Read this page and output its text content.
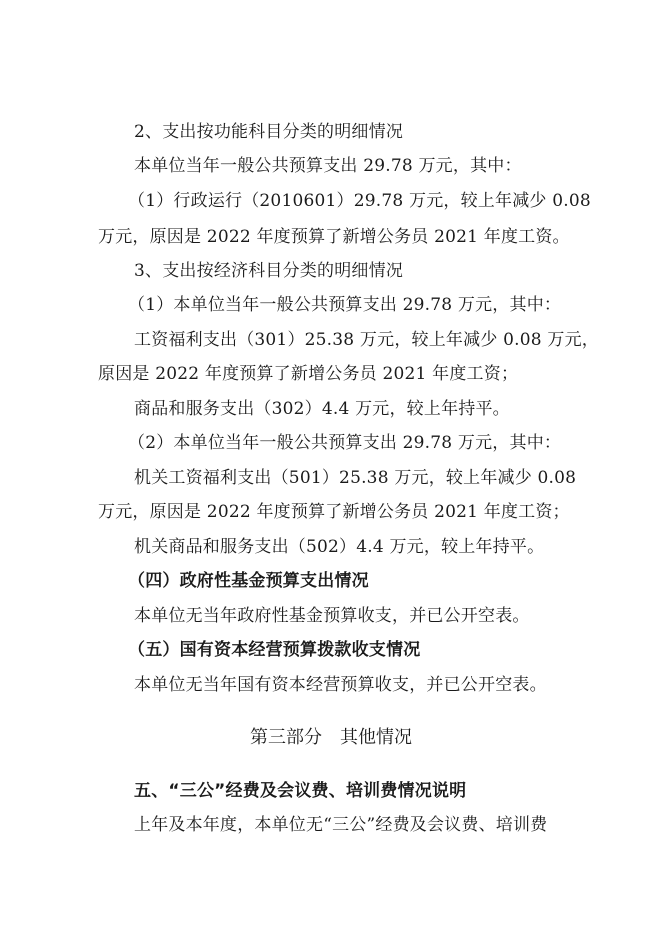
2、支出按功能科目分类的明细情况
本单位当年一般公共预算支出 29.78 万元，其中：
（1）行政运行（2010601）29.78 万元，较上年减少 0.08
万元，原因是 2022 年度预算了新增公务员 2021 年度工资。
3、支出按经济科目分类的明细情况
（1）本单位当年一般公共预算支出 29.78 万元，其中：
工资福利支出（301）25.38 万元，较上年减少 0.08 万元，
原因是 2022 年度预算了新增公务员 2021 年度工资；
商品和服务支出（302）4.4 万元，较上年持平。
（2）本单位当年一般公共预算支出 29.78 万元，其中：
机关工资福利支出（501）25.38 万元，较上年减少 0.08
万元，原因是 2022 年度预算了新增公务员 2021 年度工资；
机关商品和服务支出（502）4.4 万元，较上年持平。
（四）政府性基金预算支出情况
本单位无当年政府性基金预算收支，并已公开空表。
（五）国有资本经营预算拨款收支情况
本单位无当年国有资本经营预算收支，并已公开空表。
第三部分　其他情况
五、“三公”经费及会议费、培训费情况说明
上年及本年度，本单位无“三公”经费及会议费、培训费
